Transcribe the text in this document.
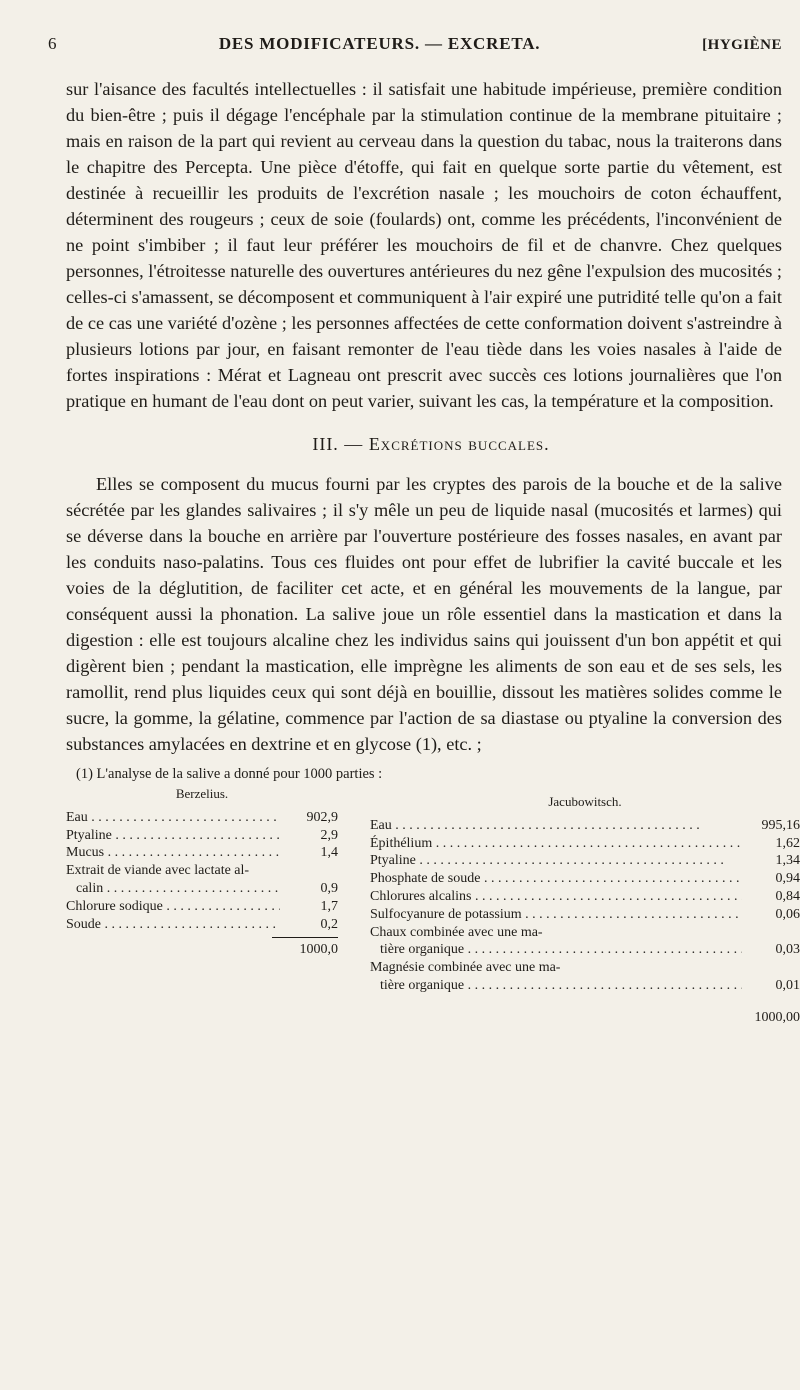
6	DES MODIFICATEURS. — EXCRETA.	[HYGIÈNE

sur l'aisance des facultés intellectuelles : il satisfait une habitude impérieuse, première condition du bien-être ; puis il dégage l'encéphale par la stimulation continue de la membrane pituitaire ; mais en raison de la part qui revient au cerveau dans la question du tabac, nous la traiterons dans le chapitre des Percepta. Une pièce d'étoffe, qui fait en quelque sorte partie du vêtement, est destinée à recueillir les produits de l'excrétion nasale ; les mouchoirs de coton échauffent, déterminent des rougeurs ; ceux de soie (foulards) ont, comme les précédents, l'inconvénient de ne point s'imbiber ; il faut leur préférer les mouchoirs de fil et de chanvre. Chez quelques personnes, l'étroitesse naturelle des ouvertures antérieures du nez gêne l'expulsion des mucosités ; celles-ci s'amassent, se décomposent et communiquent à l'air expiré une putridité telle qu'on a fait de ce cas une variété d'ozène ; les personnes affectées de cette conformation doivent s'astreindre à plusieurs lotions par jour, en faisant remonter de l'eau tiède dans les voies nasales à l'aide de fortes inspirations : Mérat et Lagneau ont prescrit avec succès ces lotions journalières que l'on pratique en humant de l'eau dont on peut varier, suivant les cas, la température et la composition.

III. — Excrétions buccales.

Elles se composent du mucus fourni par les cryptes des parois de la bouche et de la salive sécrétée par les glandes salivaires ; il s'y mêle un peu de liquide nasal (mucosités et larmes) qui se déverse dans la bouche en arrière par l'ouverture postérieure des fosses nasales, en avant par les conduits naso-palatins. Tous ces fluides ont pour effet de lubrifier la cavité buccale et les voies de la déglutition, de faciliter cet acte, et en général les mouvements de la langue, par conséquent aussi la phonation. La salive joue un rôle essentiel dans la mastication et dans la digestion : elle est toujours alcaline chez les individus sains qui jouissent d'un bon appétit et qui digèrent bien ; pendant la mastication, elle imprègne les aliments de son eau et de ses sels, les ramollit, rend plus liquides ceux qui sont déjà en bouillie, dissout les matières solides comme le sucre, la gomme, la gélatine, commence par l'action de sa diastase ou ptyaline la conversion des substances amylacées en dextrine et en glycose (1), etc. ;

(1) L'analyse de la salive a donné pour 1000 parties :
Berzelius.
Eau . . .	902,9
Ptyaline . . .	2,9
Mucus . . .	1,4
Extrait de viande avec lactate al-
calin . . .	0,9
Chlorure sodique . . .	1,7
Soude . . .	0,2
1000,0
Jacubowitsch.
Eau . . .	995,16
Épithélium . . .	1,62
Ptyaline . . .	1,34
Phosphate de soude . . .	0,94
Chlorures alcalins . . .	0,84
Sulfocyanure de potassium . . .	0,06
Chaux combinée avec une ma-
tière organique . . .	0,03
Magnésie combinée avec une ma-
tière organique . . .	0,01
1000,00
